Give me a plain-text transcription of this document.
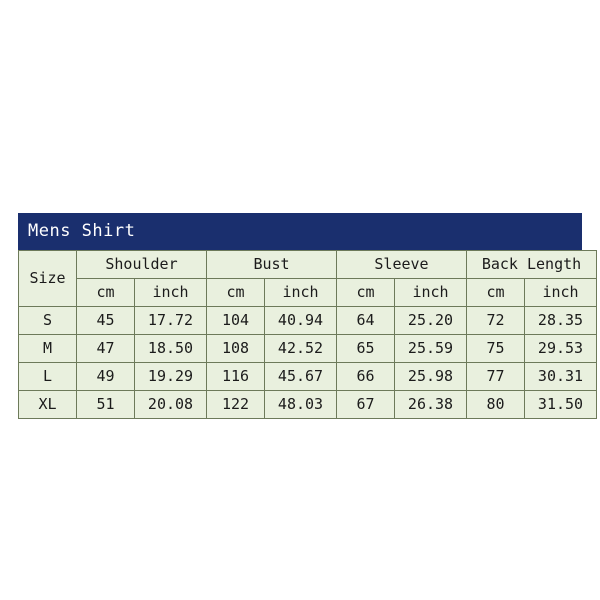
Mens Shirt
Size	Shoulder		Bust		Sleeve		Back Length	
	cm	inch	cm	inch	cm	inch	cm	inch
S	45	17.72	104	40.94	64	25.20	72	28.35
M	47	18.50	108	42.52	65	25.59	75	29.53
L	49	19.29	116	45.67	66	25.98	77	30.31
XL	51	20.08	122	48.03	67	26.38	80	31.50
